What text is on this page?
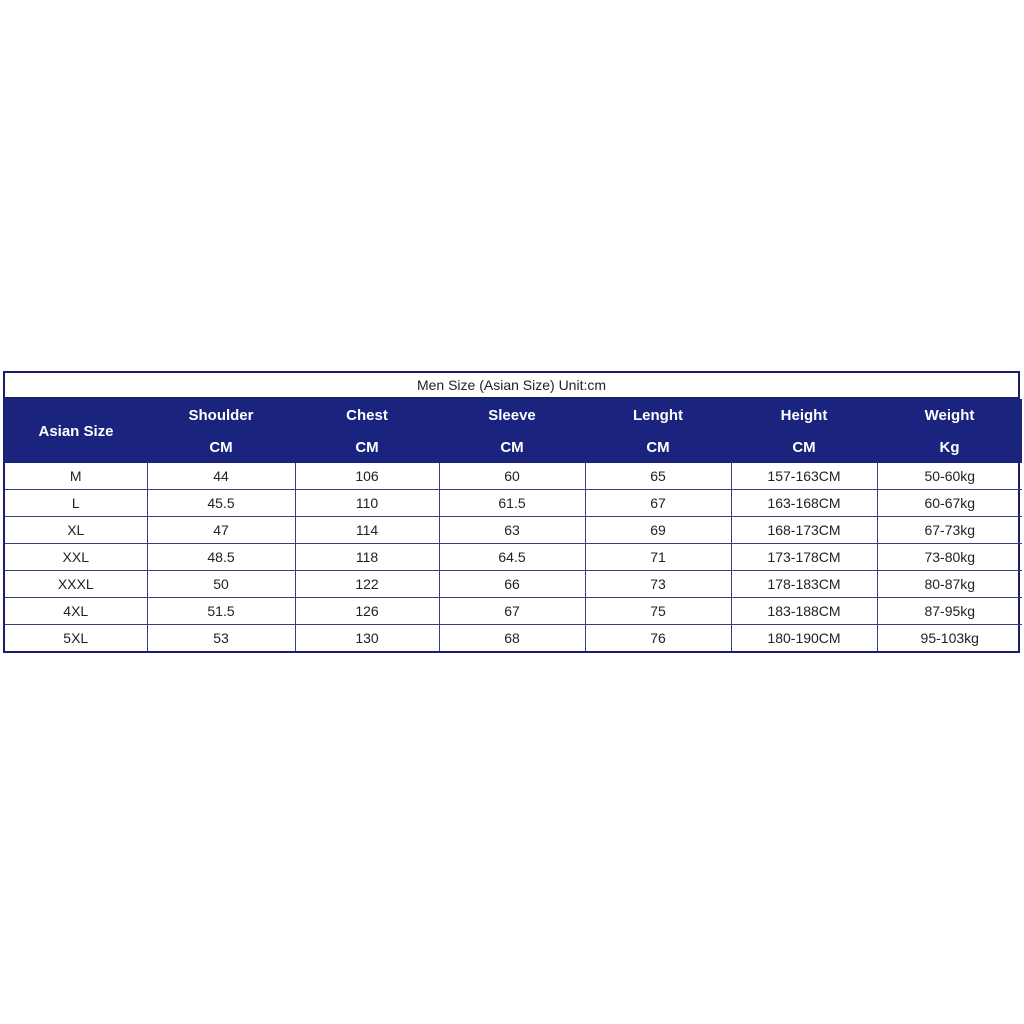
Men Size (Asian Size) Unit:cm
Asian Size	Shoulder	Chest	Sleeve	Lenght	Height	Weight
	CM	CM	CM	CM	CM	Kg
M	44	106	60	65	157-163CM	50-60kg
L	45.5	110	61.5	67	163-168CM	60-67kg
XL	47	114	63	69	168-173CM	67-73kg
XXL	48.5	118	64.5	71	173-178CM	73-80kg
XXXL	50	122	66	73	178-183CM	80-87kg
4XL	51.5	126	67	75	183-188CM	87-95kg
5XL	53	130	68	76	180-190CM	95-103kg
